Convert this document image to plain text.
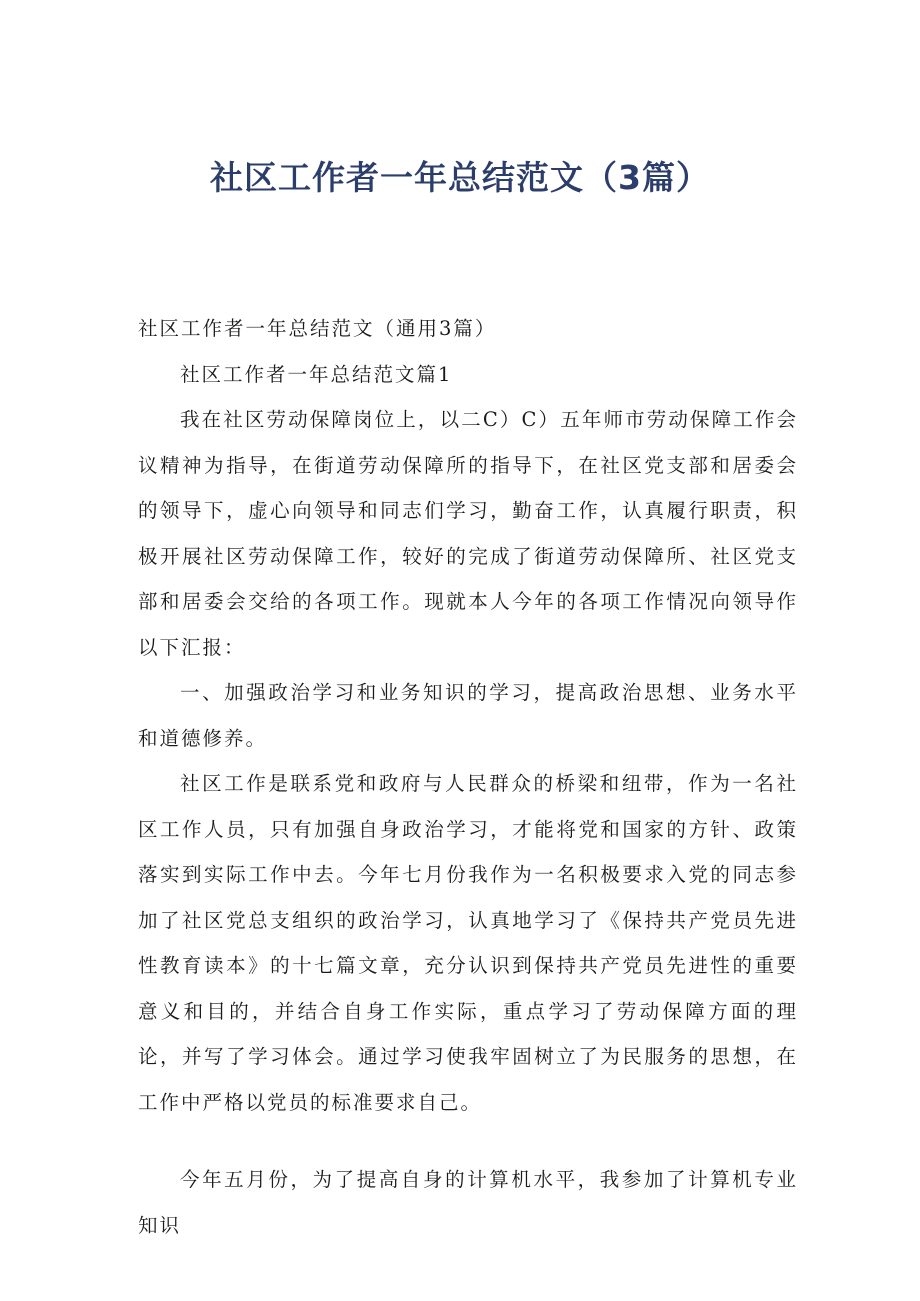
社区工作者一年总结范文（3篇）

社区工作者一年总结范文（通用3篇）

社区工作者一年总结范文篇1

我在社区劳动保障岗位上，以二C）C）五年师市劳动保障工作会议精神为指导，在街道劳动保障所的指导下，在社区党支部和居委会的领导下，虚心向领导和同志们学习，勤奋工作，认真履行职责，积极开展社区劳动保障工作，较好的完成了街道劳动保障所、社区党支部和居委会交给的各项工作。现就本人今年的各项工作情况向领导作以下汇报：

一、加强政治学习和业务知识的学习，提高政治思想、业务水平和道德修养。

社区工作是联系党和政府与人民群众的桥梁和纽带，作为一名社区工作人员，只有加强自身政治学习，才能将党和国家的方针、政策落实到实际工作中去。今年七月份我作为一名积极要求入党的同志参加了社区党总支组织的政治学习，认真地学习了《保持共产党员先进性教育读本》的十七篇文章，充分认识到保持共产党员先进性的重要意义和目的，并结合自身工作实际，重点学习了劳动保障方面的理论，并写了学习体会。通过学习使我牢固树立了为民服务的思想，在工作中严格以党员的标准要求自己。

今年五月份，为了提高自身的计算机水平，我参加了计算机专业知识
